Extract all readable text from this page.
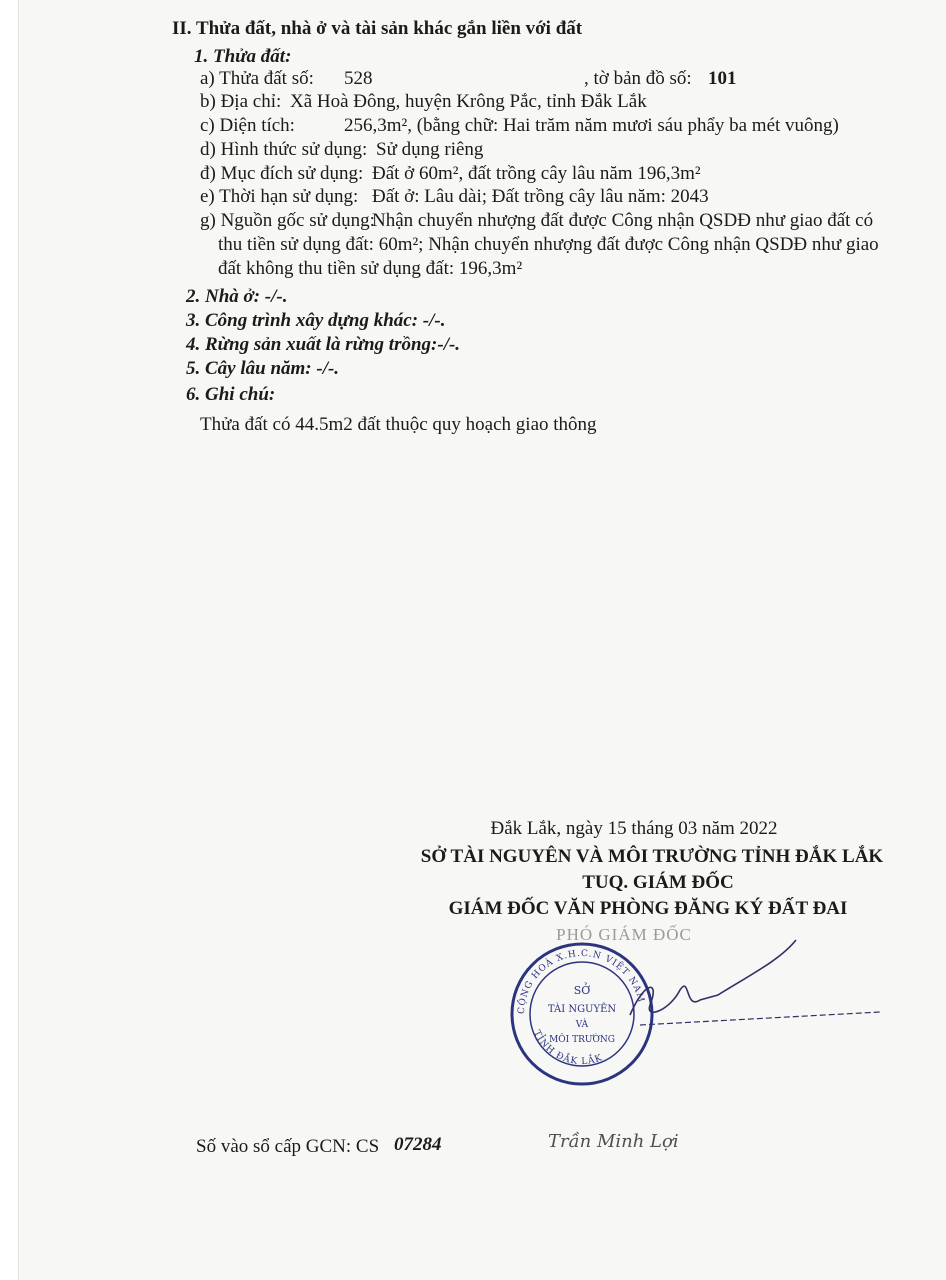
II. Thửa đất, nhà ở và tài sản khác gắn liền với đất
1. Thửa đất:
a) Thửa đất số: 528	, tờ bản đồ số: 101
b) Địa chỉ: Xã Hoà Đông, huyện Krông Pắc, tỉnh Đắk Lắk
c) Diện tích:	256,3m², (bằng chữ: Hai trăm năm mươi sáu phẩy ba mét vuông)
d) Hình thức sử dụng: Sử dụng riêng
đ) Mục đích sử dụng: Đất ở 60m², đất trồng cây lâu năm 196,3m²
e) Thời hạn sử dụng: Đất ở: Lâu dài; Đất trồng cây lâu năm: 2043
g) Nguồn gốc sử dụng:
Nhận chuyển nhượng đất được Công nhận QSDĐ như giao đất có
thu tiền sử dụng đất: 60m²; Nhận chuyển nhượng đất được Công nhận QSDĐ như giao
đất không thu tiền sử dụng đất: 196,3m²
2. Nhà ở: -/-.
3. Công trình xây dựng khác: -/-.
4. Rừng sản xuất là rừng trồng:-/-.
5. Cây lâu năm: -/-.
6. Ghi chú:
Thửa đất có 44.5m2 đất thuộc quy hoạch giao thông
Đắk Lắk, ngày 15 tháng 03 năm 2022
SỞ TÀI NGUYÊN VÀ MÔI TRƯỜNG TỈNH ĐẮK LẮK
TUQ. GIÁM ĐỐC
GIÁM ĐỐC VĂN PHÒNG ĐĂNG KÝ ĐẤT ĐAI
PHÓ GIÁM ĐỐC
CỘNG HOÀ X.H.C.N VIỆT NAM
TỈNH ĐẮK LẮK
SỞ
TÀI NGUYÊN
VÀ
MÔI TRƯỜNG
Trần Minh Lợi
Số vào sổ cấp GCN: CS 07284
